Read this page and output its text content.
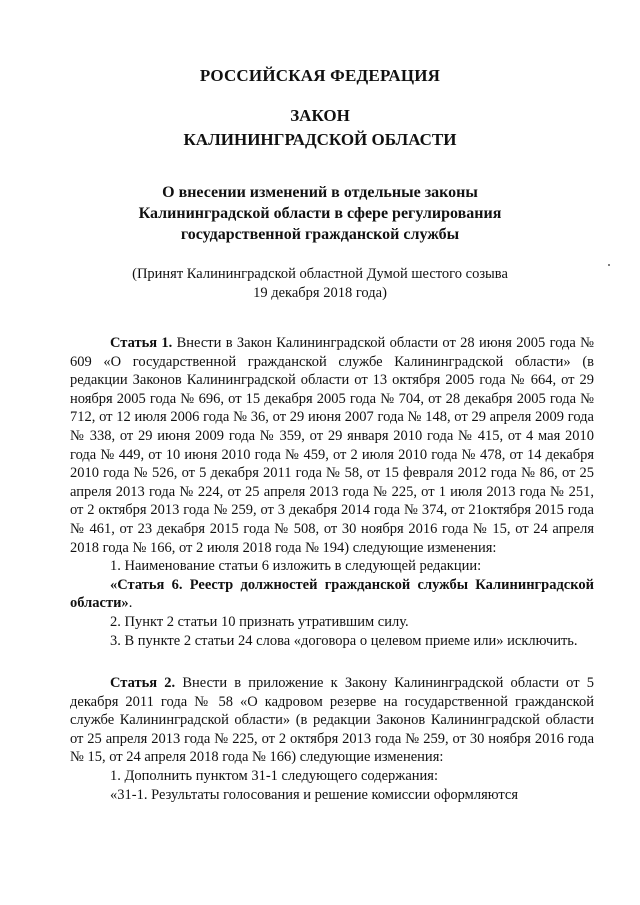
РОССИЙСКАЯ ФЕДЕРАЦИЯ
ЗАКОН
КАЛИНИНГРАДСКОЙ ОБЛАСТИ
О внесении изменений в отдельные законы
Калининградской области в сфере регулирования
государственной гражданской службы
(Принят Калининградской областной Думой шестого созыва
19 декабря 2018 года)

Статья 1. Внести в Закон Калининградской области от 28 июня 2005 года № 609 «О государственной гражданской службе Калининградской области» (в редакции Законов Калининградской области от 13 октября 2005 года № 664, от 29 ноября 2005 года № 696, от 15 декабря 2005 года № 704, от 28 декабря 2005 года № 712, от 12 июля 2006 года № 36, от 29 июня 2007 года № 148, от 29 апреля 2009 года № 338, от 29 июня 2009 года № 359, от 29 января 2010 года № 415, от 4 мая 2010 года № 449, от 10 июня 2010 года № 459, от 2 июля 2010 года № 478, от 14 декабря 2010 года № 526, от 5 декабря 2011 года № 58, от 15 февраля 2012 года № 86, от 25 апреля 2013 года № 224, от 25 апреля 2013 года № 225, от 1 июля 2013 года № 251, от 2 октября 2013 года № 259, от 3 декабря 2014 года № 374, от 21октября 2015 года № 461, от 23 декабря 2015 года № 508, от 30 ноября 2016 года № 15, от 24 апреля 2018 года № 166, от 2 июля 2018 года № 194) следующие изменения:

1. Наименование статьи 6 изложить в следующей редакции:

«Статья 6. Реестр должностей гражданской службы Калининградской области».

2. Пункт 2 статьи 10 признать утратившим силу.

3. В пункте 2 статьи 24 слова «договора о целевом приеме или» исключить.

Статья 2. Внести в приложение к Закону Калининградской области от 5 декабря 2011 года № 58 «О кадровом резерве на государственной гражданской службе Калининградской области» (в редакции Законов Калининградской области от 25 апреля 2013 года № 225, от 2 октября 2013 года № 259, от 30 ноября 2016 года № 15, от 24 апреля 2018 года № 166) следующие изменения:

1. Дополнить пунктом 31-1 следующего содержания:

«31-1. Результаты голосования и решение комиссии оформляются
